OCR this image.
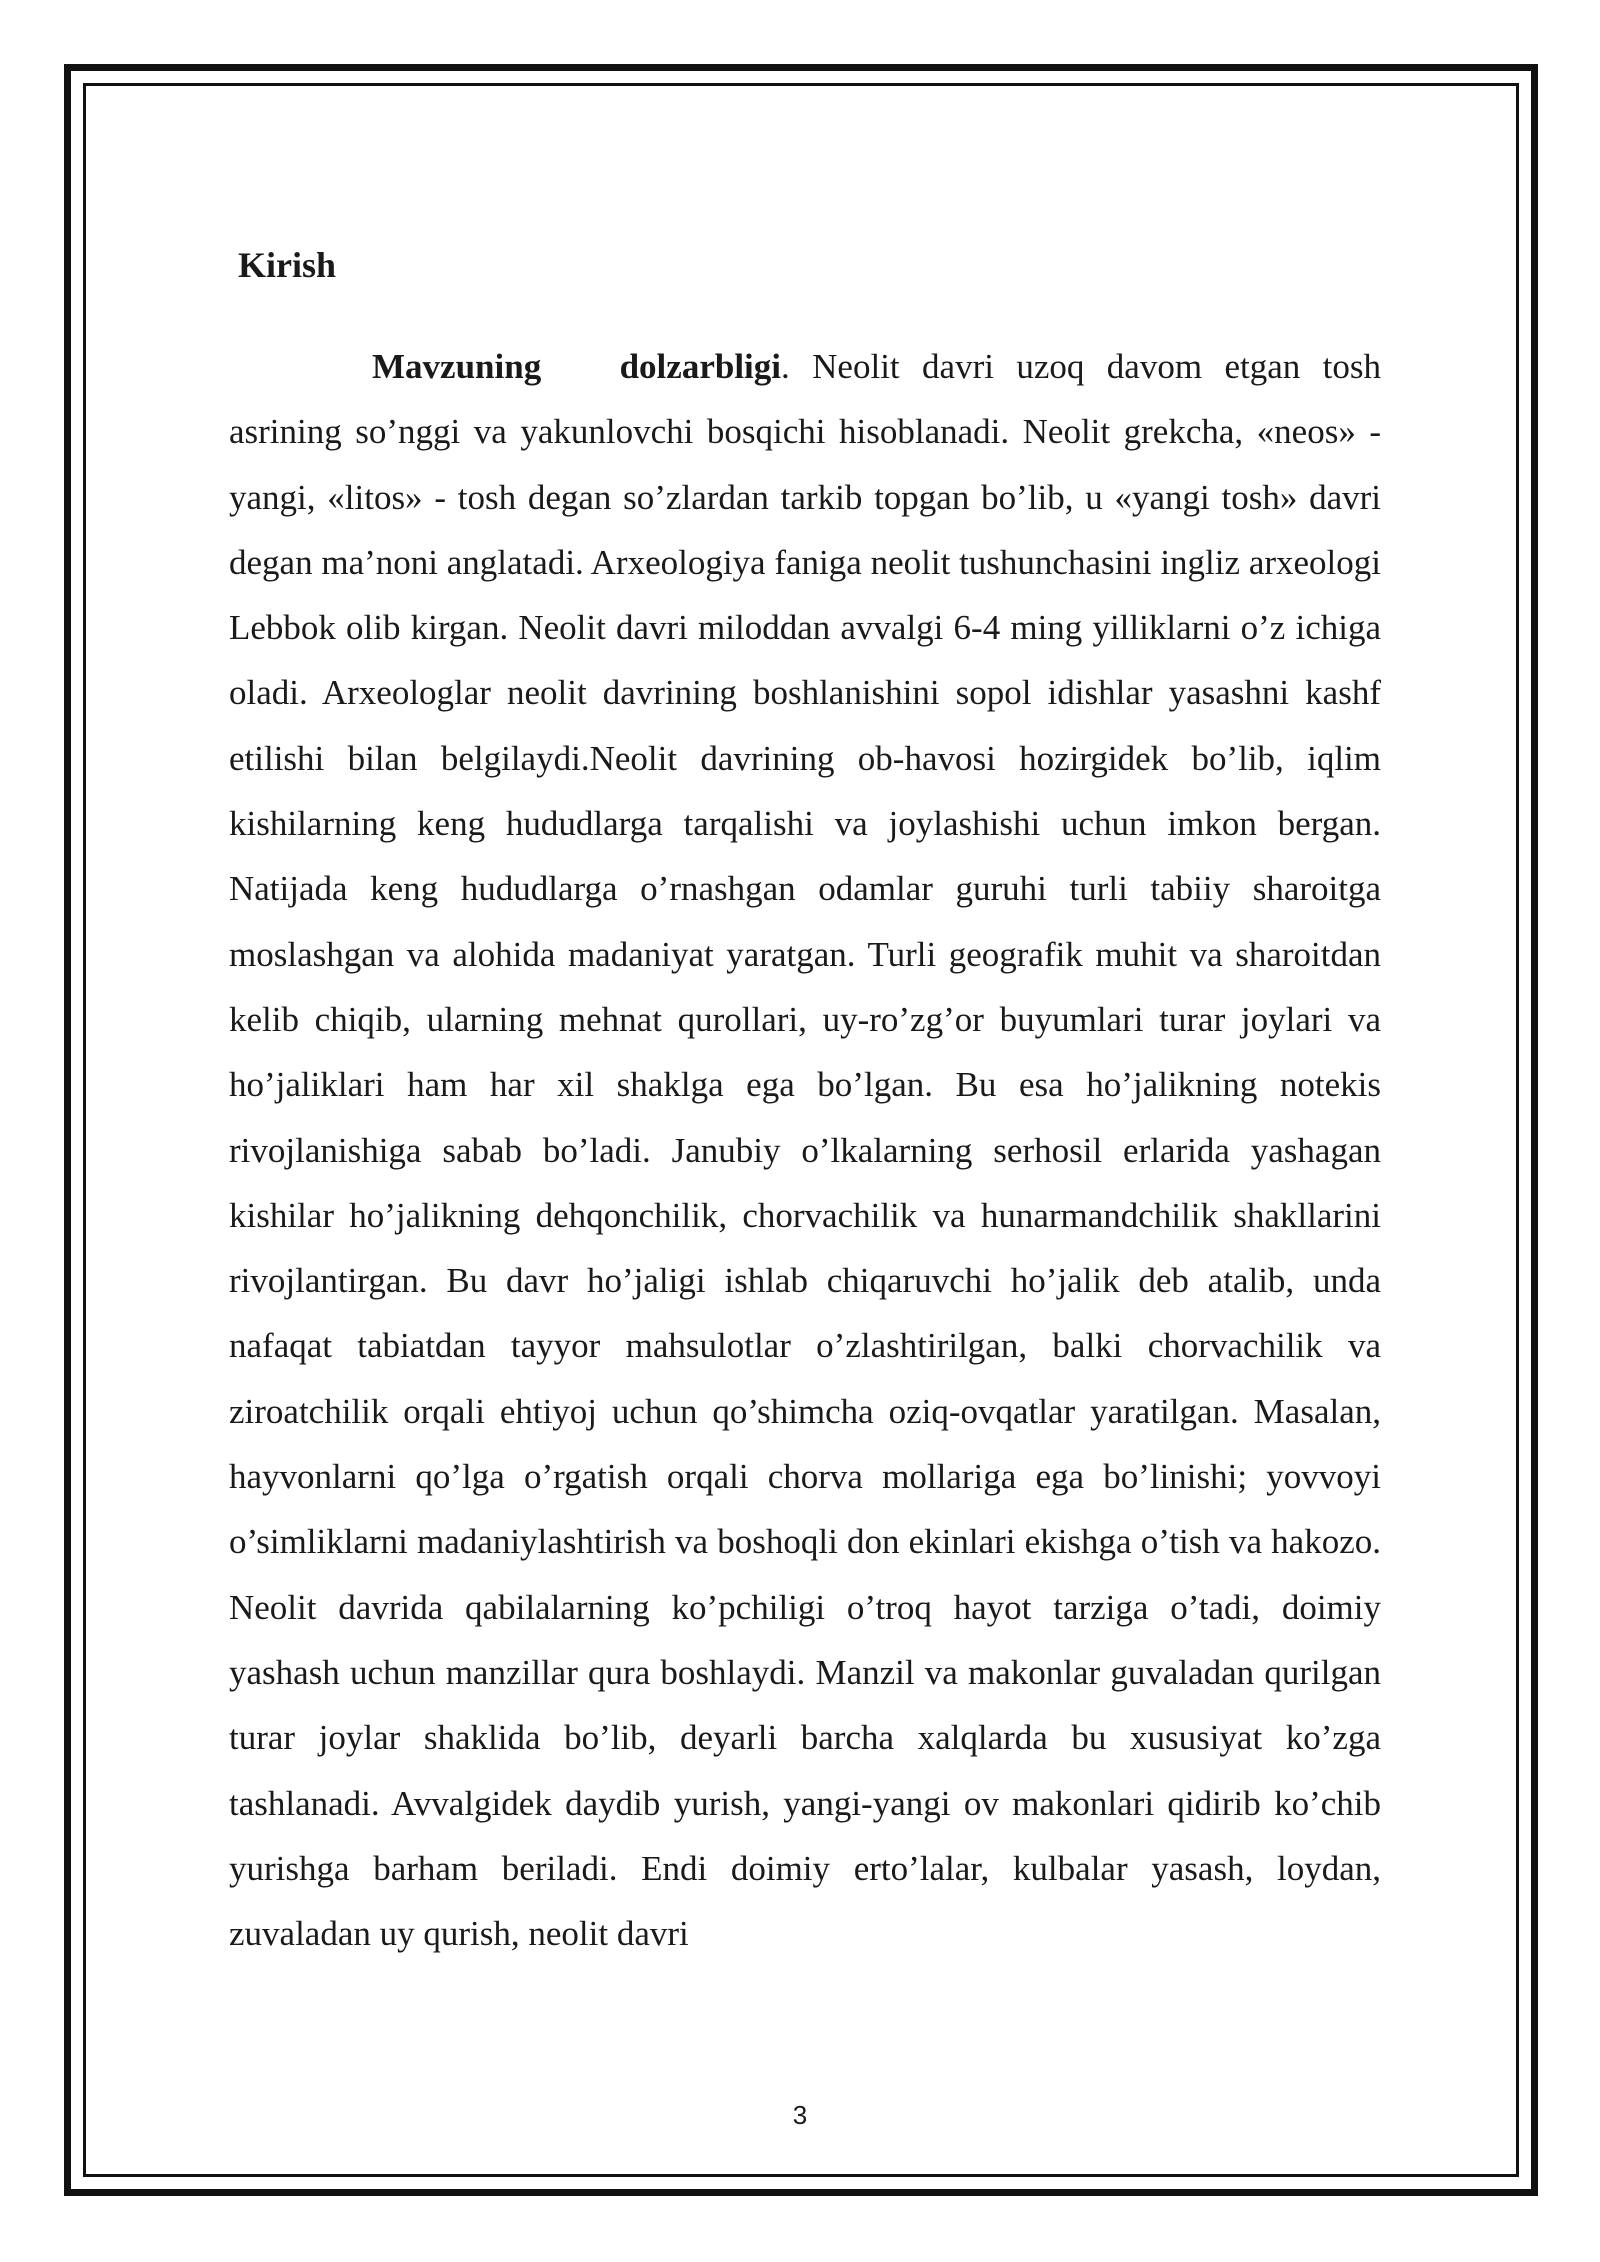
Kirish

Mavzuning dolzarbligi. Neolit davri uzoq davom etgan tosh asrining so’nggi va yakunlovchi bosqichi hisoblanadi. Neolit grekcha, «neos» - yangi, «litos» - tosh degan so’zlardan tarkib topgan bo’lib, u «yangi tosh» davri degan ma’noni anglatadi. Arxeologiya faniga neolit tushunchasini ingliz arxeologi Lebbok olib kirgan. Neolit davri miloddan avvalgi 6-4 ming yilliklarni o’z ichiga oladi. Arxeologlar neolit davrining boshlanishini sopol idishlar yasashni kashf etilishi bilan belgilaydi.Neolit davrining ob-havosi hozirgidek bo’lib, iqlim kishilarning keng hududlarga tarqalishi va joylashishi uchun imkon bergan. Natijada keng hududlarga o’rnashgan odamlar guruhi turli tabiiy sharoitga moslashgan va alohida madaniyat yaratgan. Turli geografik muhit va sharoitdan kelib chiqib, ularning mehnat qurollari, uy-ro’zg’or buyumlari turar joylari va ho’jaliklari ham har xil shaklga ega bo’lgan. Bu esa ho’jalikning notekis rivojlanishiga sabab bo’ladi. Janubiy o’lkalarning serhosil erlarida yashagan kishilar ho’jalikning dehqonchilik, chorvachilik va hunarmandchilik shakllarini rivojlantirgan. Bu davr ho’jaligi ishlab chiqaruvchi ho’jalik deb atalib, unda nafaqat tabiatdan tayyor mahsulotlar o’zlashtirilgan, balki chorvachilik va ziroatchilik orqali ehtiyoj uchun qo’shimcha oziq-ovqatlar yaratilgan. Masalan, hayvonlarni qo’lga o’rgatish orqali chorva mollariga ega bo’linishi; yovvoyi o’simliklarni madaniylashtirish va boshoqli don ekinlari ekishga o’tish va hakozo. Neolit davrida qabilalarning ko’pchiligi o’troq hayot tarziga o’tadi, doimiy yashash uchun manzillar qura boshlaydi. Manzil va makonlar guvaladan qurilgan turar joylar shaklida bo’lib, deyarli barcha xalqlarda bu xususiyat ko’zga tashlanadi. Avvalgidek daydib yurish, yangi-yangi ov makonlari qidirib ko’chib yurishga barham beriladi. Endi doimiy erto’lalar, kulbalar yasash, loydan, zuvaladan uy qurish, neolit davri

3
